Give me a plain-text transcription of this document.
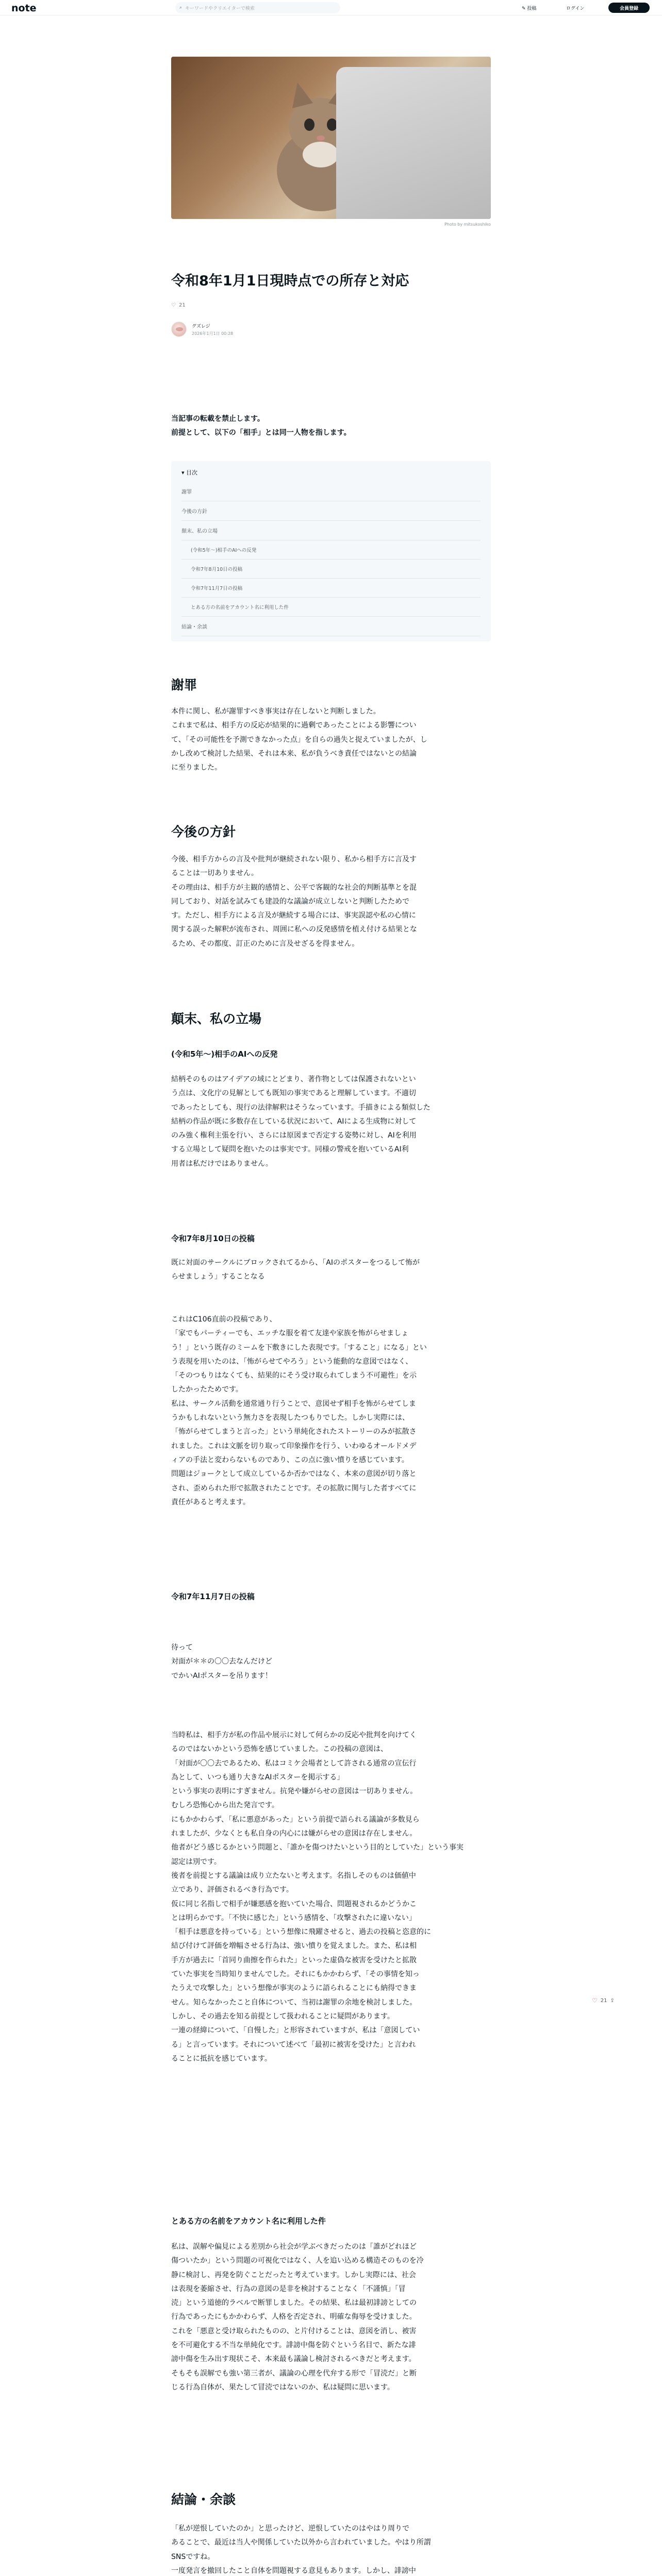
note	⌕ キーワードやクリエイターで検索	✎ 投稿	ログイン	会員登録
Photo by mitsukoshiko
令和8年1月1日現時点での所存と対応
♡ 21
グズレジ
2026年1月1日 00:28
当記事の転載を禁止します。
前提として、以下の「相手」とは同一人物を指します。
▾ 目次
謝罪
今後の方針
顛末、私の立場
(令和5年〜)相手のAIへの反発
令和7年8月10日の投稿
令和7年11月7日の投稿
とある方の名前をアカウント名に利用した件
結論・余談
謝罪
本件に関し、私が謝罪すべき事実は存在しないと判断しました。
これまで私は、相手方の反応が結果的に過剰であったことによる影響につい
て、「その可能性を予測できなかった点」を自らの過失と捉えていましたが、し
かし改めて検討した結果、それは本来、私が負うべき責任ではないとの結論
に至りました。
今後の方針
今後、相手方からの言及や批判が継続されない限り、私から相手方に言及す
ることは一切ありません。
その理由は、相手方が主観的感情と、公平で客観的な社会的判断基準とを混
同しており、対話を試みても建設的な議論が成立しないと判断したためで
す。ただし、相手方による言及が継続する場合には、事実誤認や私の心情に
関する誤った解釈が流布され、周囲に私への反発感情を植え付ける結果とな
るため、その都度、訂正のために言及せざるを得ません。
顛末、私の立場
(令和5年〜)相手のAIへの反発
結柄そのものはアイデアの域にとどまり、著作物としては保護されないとい
う点は、文化庁の見解としても既知の事実であると理解しています。不適切
であったとしても、現行の法律解釈はそうなっています。手描きによる類似した
結柄の作品が既に多数存在している状況において、AIによる生成物に対して
のみ強く権利主張を行い、さらには原図まで否定する姿勢に対し、AIを利用
する立場として疑問を抱いたのは事実です。同様の警戒を抱いているAI利
用者は私だけではありません。
令和7年8月10日の投稿
既に対面のサークルにブロックされてるから、「AIのポスターをつるして怖が
らせましょう」することなる
これはC106直前の投稿であり、
「家でもパーティーでも、エッチな服を着て友達や家族を怖がらせましょ
う！」という既存のミームを下敷きにした表現です。「すること」になる」とい
う表現を用いたのは、「怖がらせてやろう」という能動的な意図ではなく、
「そのつもりはなくても、結果的にそう受け取られてしまう不可避性」を示
したかったためです。
私は、サークル活動を通常通り行うことで、意図せず相手を怖がらせてしま
うかもしれないという無力さを表現したつもりでした。しかし実際には、
「怖がらせてしまうと言った」という単純化されたストーリーのみが拡散さ
れました。これは文脈を切り取って印象操作を行う、いわゆるオールドメデ
ィアの手法と変わらないものであり、この点に強い憤りを感じています。
問題はジョークとして成立しているか否かではなく、本来の意図が切り落と
され、歪められた形で拡散されたことです。その拡散に関与した者すべてに
責任があると考えます。
令和7年11月7日の投稿
待って
対面が＊＊の〇〇去なんだけど
でかいAIポスターを吊ります！
当時私は、相手方が私の作品や展示に対して何らかの反応や批判を向けてく
るのではないかという恐怖を感じていました。この投稿の意図は、
「対面が〇〇去であるため、私はコミケ会場者として許される通常の宣伝行
為として、いつも通り大きなAIポスターを掲示する」
という事実の表明にすぎません。抗発や嫌がらせの意図は一切ありません。
むしろ恐怖心から出た発言です。
にもかかわらず、「私に悪意があった」という前提で語られる議論が多数見ら
れましたが、少なくとも私自身の内心には嫌がらせの意図は存在しません。
他者がどう感じるかという問題と、「誰かを傷つけたいという目的としていた」という事実
認定は別です。
後者を前提とする議論は成り立たないと考えます。名指しそのものは価値中
立であり、評価されるべき行為です。
仮に同じ名指しで相手が嫌悪感を抱いていた場合、問題視されるかどうかこ
とは明らかです。「不快に感じた」という感情を、「攻撃されたに違いない」
「相手は悪意を持っている」という想像に飛躍させると、過去の投稿と恣意的に
結び付けて評価を増幅させる行為は、強い憤りを覚えました。また、私は相
手方が過去に「首同り曲擦を作られた」といった虚偽な被害を受けたと拡散
ていた事実を当時知りませんでした。それにもかかわらず、「その事情を知っ
たうえで攻撃した」という想像が事実のように語られることにも納得できま
せん。知らなかったこと自体について、当初は謝罪の余地を検討しました。
しかし、その過去を知る前提として扱われることに疑問があります。
一連の経緯について、「自慢した」と形容されていますが、私は「意図してい
る」と言っています。それについて述べて「最初に被害を受けた」と言われ
ることに抵抗を感じています。
とある方の名前をアカウント名に利用した件
私は、誤解や偏見による差別から社会が学ぶべきだったのは「誰がどれほど
傷ついたか」という問題の可視化ではなく、人を追い込める構造そのものを冷
静に検討し、再発を防ぐことだったと考えています。しかし実際には、社会
は表現を萎縮させ、行為の意図の是非を検討することなく「不謹慎」「冒
涜」という道徳的ラベルで断罪しました。その結果、私は最初誹謗としての
行為であったにもかかわらず、人格を否定され、明確な侮辱を受けました。
これを「悪意と受け取られたものの、と片付けることは、意図を消し、被害
を不可避化する不当な単純化です。誹謗中傷を防ぐという名目で、新たな誹
謗中傷を生み出す現状こそ、本来最も議論し検討されるべきだと考えます。
そもそも誤解でも強い第三者が、議論の心理を代弁する形で「冒涜だ」と断
じる行為自体が、果たして冒涜ではないのか、私は疑問に思います。
結論・余談
「私が逆恨していたのか」と思ったけど、逆恨していたのはやはり周りで
あることで、最近は当人や関係していた以外から言われていました。やはり所謂
SNSですね。
一度発言を撤回したこと自体を問題視する意見もあります。しかし、誹謗中
♡ 21 ⇪
